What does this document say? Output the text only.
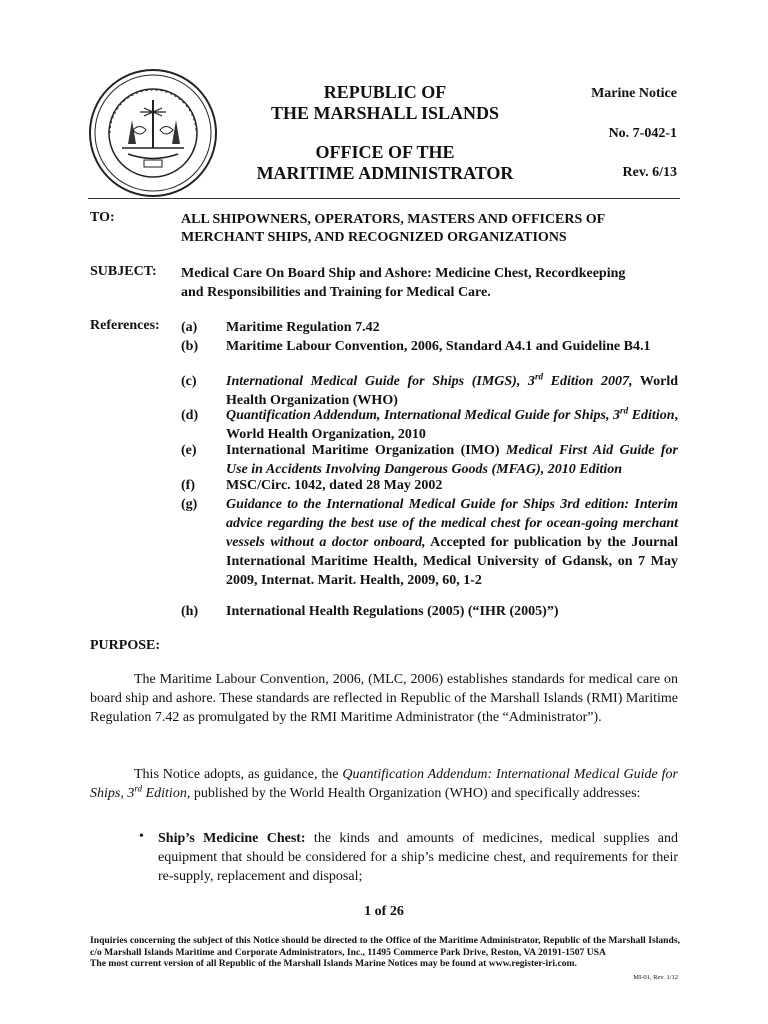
REPUBLIC OF
THE MARSHALL ISLANDS
OFFICE OF THE
MARITIME ADMINISTRATOR
Marine Notice
No. 7-042-1
Rev. 6/13
TO:	ALL SHIPOWNERS, OPERATORS, MASTERS AND OFFICERS OF
MERCHANT SHIPS, AND RECOGNIZED ORGANIZATIONS
SUBJECT: Medical Care On Board Ship and Ashore: Medicine Chest, Recordkeeping
and Responsibilities and Training for Medical Care.
References: (a) Maritime Regulation 7.42
(b) Maritime Labour Convention, 2006, Standard A4.1 and Guideline B4.1
(c) International Medical Guide for Ships (IMGS), 3rd Edition 2007, World Health Organization (WHO)
(d) Quantification Addendum, International Medical Guide for Ships, 3rd Edition, World Health Organization, 2010
(e) International Maritime Organization (IMO) Medical First Aid Guide for Use in Accidents Involving Dangerous Goods (MFAG), 2010 Edition
(f) MSC/Circ. 1042, dated 28 May 2002
(g) Guidance to the International Medical Guide for Ships 3rd edition: Interim advice regarding the best use of the medical chest for ocean-going merchant vessels without a doctor onboard, Accepted for publication by the Journal International Maritime Health, Medical University of Gdansk, on 7 May 2009, Internat. Marit. Health, 2009, 60, 1-2
(h) International Health Regulations (2005) (“IHR (2005)”)
PURPOSE:
The Maritime Labour Convention, 2006, (MLC, 2006) establishes standards for medical care on board ship and ashore. These standards are reflected in Republic of the Marshall Islands (RMI) Maritime Regulation 7.42 as promulgated by the RMI Maritime Administrator (the “Administrator”).
This Notice adopts, as guidance, the Quantification Addendum: International Medical Guide for Ships, 3rd Edition, published by the World Health Organization (WHO) and specifically addresses:
• Ship’s Medicine Chest: the kinds and amounts of medicines, medical supplies and equipment that should be considered for a ship’s medicine chest, and requirements for their re-supply, replacement and disposal;
1 of 26
Inquiries concerning the subject of this Notice should be directed to the Office of the Maritime Administrator, Republic of the Marshall Islands, c/o Marshall Islands Maritime and Corporate Administrators, Inc., 11495 Commerce Park Drive, Reston, VA 20191-1507 USA
The most current version of all Republic of the Marshall Islands Marine Notices may be found at www.register-iri.com.
MI-01, Rev. 1/12
